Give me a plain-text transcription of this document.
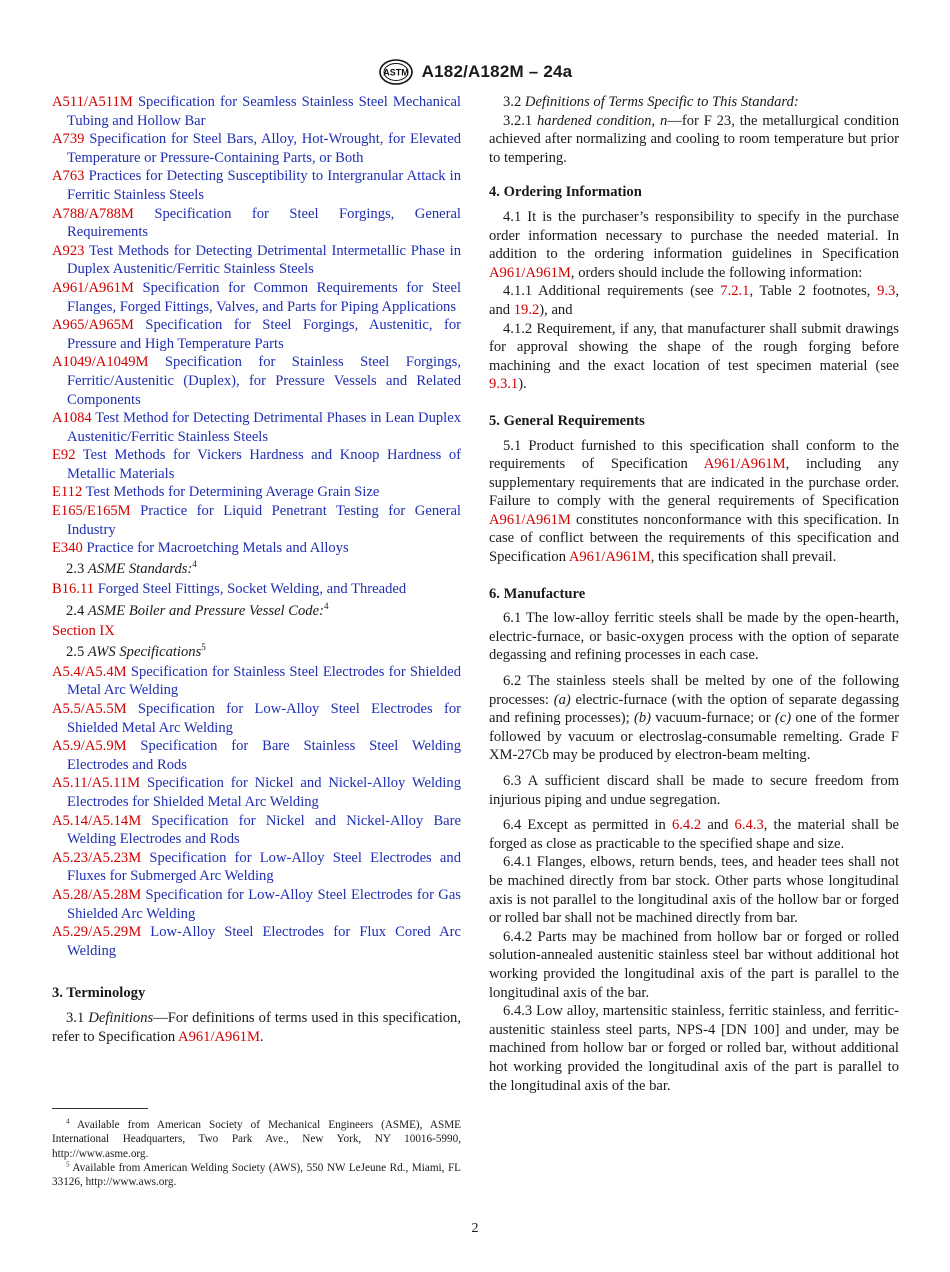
ASTM A182/A182M – 24a
A511/A511M Specification for Seamless Stainless Steel Mechanical Tubing and Hollow Bar
A739 Specification for Steel Bars, Alloy, Hot-Wrought, for Elevated Temperature or Pressure-Containing Parts, or Both
A763 Practices for Detecting Susceptibility to Intergranular Attack in Ferritic Stainless Steels
A788/A788M Specification for Steel Forgings, General Requirements
A923 Test Methods for Detecting Detrimental Intermetallic Phase in Duplex Austenitic/Ferritic Stainless Steels
A961/A961M Specification for Common Requirements for Steel Flanges, Forged Fittings, Valves, and Parts for Piping Applications
A965/A965M Specification for Steel Forgings, Austenitic, for Pressure and High Temperature Parts
A1049/A1049M Specification for Stainless Steel Forgings, Ferritic/Austenitic (Duplex), for Pressure Vessels and Related Components
A1084 Test Method for Detecting Detrimental Phases in Lean Duplex Austenitic/Ferritic Stainless Steels
E92 Test Methods for Vickers Hardness and Knoop Hardness of Metallic Materials
E112 Test Methods for Determining Average Grain Size
E165/E165M Practice for Liquid Penetrant Testing for General Industry
E340 Practice for Macroetching Metals and Alloys
2.3 ASME Standards:$^4$
B16.11 Forged Steel Fittings, Socket Welding, and Threaded
2.4 ASME Boiler and Pressure Vessel Code:$^4$
Section IX
2.5 AWS Specifications$^5$
A5.4/A5.4M Specification for Stainless Steel Electrodes for Shielded Metal Arc Welding
A5.5/A5.5M Specification for Low-Alloy Steel Electrodes for Shielded Metal Arc Welding
A5.9/A5.9M Specification for Bare Stainless Steel Welding Electrodes and Rods
A5.11/A5.11M Specification for Nickel and Nickel-Alloy Welding Electrodes for Shielded Metal Arc Welding
A5.14/A5.14M Specification for Nickel and Nickel-Alloy Bare Welding Electrodes and Rods
A5.23/A5.23M Specification for Low-Alloy Steel Electrodes and Fluxes for Submerged Arc Welding
A5.28/A5.28M Specification for Low-Alloy Steel Electrodes for Gas Shielded Arc Welding
A5.29/A5.29M Low-Alloy Steel Electrodes for Flux Cored Arc Welding
3. Terminology

3.1 Definitions—For definitions of terms used in this specification, refer to Specification A961/A961M.

3.2 Definitions of Terms Specific to This Standard:

3.2.1 hardened condition, n—for F 23, the metallurgical condition achieved after normalizing and cooling to room temperature but prior to tempering.

4. Ordering Information

4.1 It is the purchaser’s responsibility to specify in the purchase order information necessary to purchase the needed material. In addition to the ordering information guidelines in Specification A961/A961M, orders should include the following information:

4.1.1 Additional requirements (see 7.2.1, Table 2 footnotes, 9.3, and 19.2), and

4.1.2 Requirement, if any, that manufacturer shall submit drawings for approval showing the shape of the rough forging before machining and the exact location of test specimen material (see 9.3.1).

5. General Requirements

5.1 Product furnished to this specification shall conform to the requirements of Specification A961/A961M, including any supplementary requirements that are indicated in the purchase order. Failure to comply with the general requirements of Specification A961/A961M constitutes nonconformance with this specification. In case of conflict between the requirements of this specification and Specification A961/A961M, this specification shall prevail.

6. Manufacture

6.1 The low-alloy ferritic steels shall be made by the open-hearth, electric-furnace, or basic-oxygen process with the option of separate degassing and refining processes in each case.

6.2 The stainless steels shall be melted by one of the following processes: (a) electric-furnace (with the option of separate degassing and refining processes); (b) vacuum-furnace; or (c) one of the former followed by vacuum or electroslag-consumable remelting. Grade F XM-27Cb may be produced by electron-beam melting.

6.3 A sufficient discard shall be made to secure freedom from injurious piping and undue segregation.

6.4 Except as permitted in 6.4.2 and 6.4.3, the material shall be forged as close as practicable to the specified shape and size.

6.4.1 Flanges, elbows, return bends, tees, and header tees shall not be machined directly from bar stock. Other parts whose longitudinal axis is not parallel to the longitudinal axis of the hollow bar or forged or rolled bar shall not be machined directly from bar.

6.4.2 Parts may be machined from hollow bar or forged or rolled solution-annealed austenitic stainless steel bar without additional hot working provided the longitudinal axis of the part is parallel to the longitudinal axis of the bar.

6.4.3 Low alloy, martensitic stainless, ferritic stainless, and ferritic-austenitic stainless steel parts, NPS-4 [DN 100] and under, may be machined from hollow bar or forged or rolled bar, without additional hot working provided the longitudinal axis of the part is parallel to the longitudinal axis of the bar.

$^4$ Available from American Society of Mechanical Engineers (ASME), ASME International Headquarters, Two Park Ave., New York, NY 10016-5990, http://www.asme.org.
$^5$ Available from American Welding Society (AWS), 550 NW LeJeune Rd., Miami, FL 33126, http://www.aws.org.
2
